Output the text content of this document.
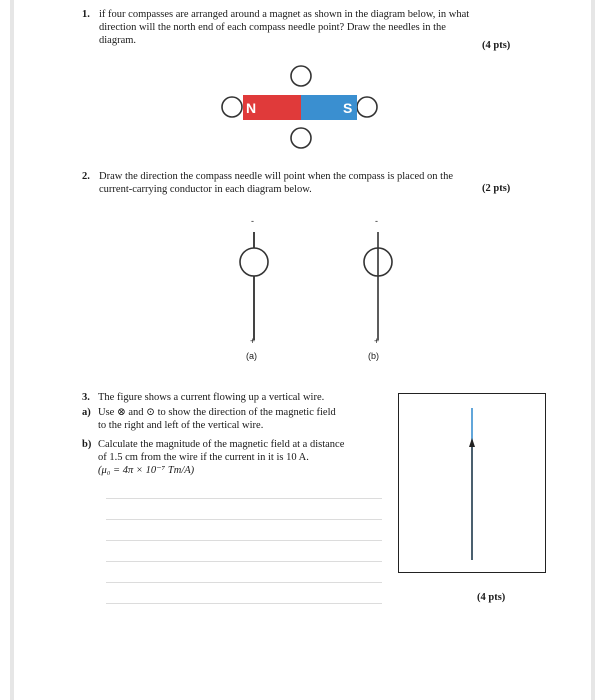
1. if four compasses are arranged around a magnet as shown in the diagram below, in what
direction will the north end of each compass needle point? Draw the needles in the
diagram.	(4 pts)
N	S
2. Draw the direction the compass needle will point when the compass is placed on the
current-carrying conductor in each diagram below.	(2 pts)
-
+
(a)
-
+
(b)
3. The figure shows a current flowing up a vertical wire.
a) Use ⊗ and ⊙ to show the direction of the magnetic field
to the right and left of the vertical wire.
b) Calculate the magnitude of the magnetic field at a distance
of 1.5 cm from the wire if the current in it is 10 A.
(μ₀ = 4π × 10⁻⁷ Tm/A)
(4 pts)
